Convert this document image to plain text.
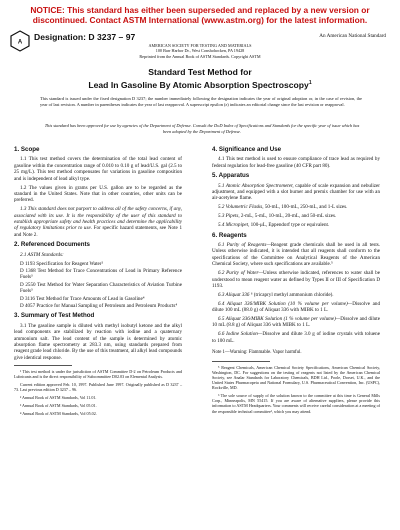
NOTICE: This standard has either been superseded and replaced by a new version or
discontinued. Contact ASTM International (www.astm.org) for the latest information.
A
Designation: D 3237 – 97	An American National Standard
AMERICAN SOCIETY FOR TESTING AND MATERIALS
100 Barr Harbor Dr., West Conshohocken, PA 19428
Reprinted from the Annual Book of ASTM Standards. Copyright ASTM
Standard Test Method for
Lead In Gasoline By Atomic Absorption Spectroscopy$^1$
This standard is issued under the fixed designation D 3237; the number immediately following the designation indicates the year of original adoption or, in the case of revision, the year of last revision. A number in parentheses indicates the year of last reapproval. A superscript epsilon (ε) indicates an editorial change since the last revision or reapproval.
This standard has been approved for use by agencies of the Department of Defense. Consult the DoD Index of Specifications and Standards for the specific year of issue which has been adopted by the Department of Defense.
1. Scope

1.1 This test method covers the determination of the total lead content of gasoline within the concentration range of 0.010 to 0.10 g of lead/U.S. gal (2.5 to 25 mg/L). This test method compensates for variations in gasoline composition and is independent of lead alkyl type.

1.2 The values given in grams per U.S. gallon are to be regarded as the standard in the United States. Note that in other countries, other units can be preferred.

1.3 This standard does not purport to address all of the safety concerns, if any, associated with its use. It is the responsibility of the user of this standard to establish appropriate safety and health practices and determine the applicability of regulatory limitations prior to use. For specific hazard statements, see Note 1 and Note 2.

2. Referenced Documents

2.1 ASTM Standards:

D 1193 Specification for Reagent Water²

D 1368 Test Method for Trace Concentrations of Lead in Primary Reference Fuels³

D 2550 Test Method for Water Separation Characteristics of Aviation Turbine Fuels³

D 3116 Test Method for Trace Amounts of Lead in Gasoline⁴

D 4057 Practice for Manual Sampling of Petroleum and Petroleum Products⁴

3. Summary of Test Method

3.1 The gasoline sample is diluted with methyl isobutyl ketone and the alkyl lead components are stabilized by reaction with iodine and a quaternary ammonium salt. The lead content of the sample is determined by atomic absorption flame spectrometry at 283.3 nm, using standards prepared from reagent grade lead chloride. By the use of this treatment, all alkyl lead compounds give identical response.

¹ This test method is under the jurisdiction of ASTM Committee D-2 on Petroleum Products and Lubricants and is the direct responsibility of Subcommittee D02.03 on Elemental Analysis.

Current edition approved Feb. 10, 1997. Published June 1997. Originally published as D 3237 – 73. Last previous edition D 3237 – 96.

² Annual Book of ASTM Standards, Vol 11.01.

³ Annual Book of ASTM Standards, Vol 05.01.

⁴ Annual Book of ASTM Standards, Vol 05.02.

4. Significance and Use

4.1 This test method is used to ensure compliance of trace lead as required by federal regulation for lead-free gasoline (40 CFR part 80).

5. Apparatus

5.1 Atomic Absorption Spectrometer, capable of scale expansion and nebulizer adjustment, and equipped with a slot burner and premix chamber for use with an air-acetylene flame.

5.2 Volumetric Flasks, 50-mL, 100-mL, 250-mL, and 1-L sizes.

5.3 Pipets, 2-mL, 5-mL, 10-mL, 20-mL, and 50-mL sizes.

5.4 Micropipet, 100-μL, Eppendorf type or equivalent.

6. Reagents

6.1 Purity of Reagents—Reagent grade chemicals shall be used in all tests. Unless otherwise indicated, it is intended that all reagents shall conform to the specifications of the Committee on Analytical Reagents of the American Chemical Society, where such specifications are available.⁵

6.2 Purity of Water—Unless otherwise indicated, references to water shall be understood to mean reagent water as defined by Types II or III of Specification D 1193.

6.3 Aliquat 336 ⁶ (tricapryl methyl ammonium chloride).

6.4 Aliquat 336/MIBK Solution (10 % volume per volume)—Dissolve and dilute 100 mL (88.0 g) of Aliquat 336 with MIBK to 1 L.

6.5 Aliquat 336/MIBK Solution (1 % volume per volume)—Dissolve and dilute 10 mL (8.8 g) of Aliquat 336 with MIBK to 1 L.

6.6 Iodine Solution—Dissolve and dilute 3.0 g of iodine crystals with toluene to 100 mL.

Note 1—Warning: Flammable. Vapor harmful.

⁵ Reagent Chemicals, American Chemical Society Specifications, American Chemical Society, Washington, DC. For suggestions on the testing of reagents not listed by the American Chemical Society, see Analar Standards for Laboratory Chemicals, BDH Ltd., Poole, Dorset, U.K., and the United States Pharmacopeia and National Formulary, U.S. Pharmaceutical Convention, Inc. (USPC), Rockville, MD.

⁶ The sole source of supply of the solution known to the committee at this time is General Mills Corp., Minneapolis, MN 55415. If you are aware of alternative suppliers, please provide this information to ASTM Headquarters. Your comments will receive careful consideration at a meeting of the responsible technical committee¹, which you may attend.
